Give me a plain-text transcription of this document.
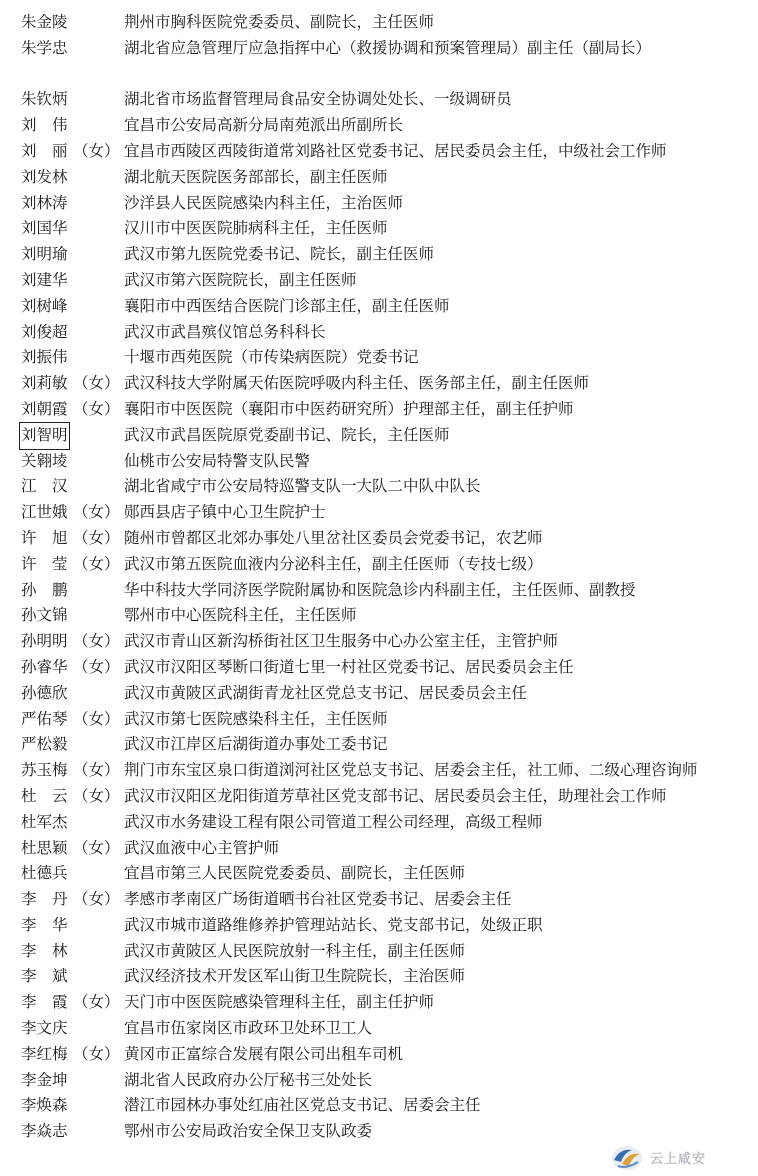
朱金陵	荆州市胸科医院党委委员、副院长，主任医师
朱学忠	湖北省应急管理厅应急指挥中心（救援协调和预案管理局）副主任（副局长）
朱钦炳	湖北省市场监督管理局食品安全协调处处长、一级调研员
刘　伟	宜昌市公安局高新分局南苑派出所副所长
刘　丽 （女） 宜昌市西陵区西陵街道常刘路社区党委书记、居民委员会主任，中级社会工作师
刘发林	湖北航天医院医务部部长，副主任医师
刘林涛	沙洋县人民医院感染内科主任，主治医师
刘国华	汉川市中医医院肺病科主任，主任医师
刘明瑜	武汉市第九医院党委书记、院长，副主任医师
刘建华	武汉市第六医院院长，副主任医师
刘树峰	襄阳市中西医结合医院门诊部主任，副主任医师
刘俊超	武汉市武昌殡仪馆总务科科长
刘振伟	十堰市西苑医院（市传染病医院）党委书记
刘莉敏 （女） 武汉科技大学附属天佑医院呼吸内科主任、医务部主任，副主任医师
刘朝霞 （女） 襄阳市中医医院（襄阳市中医药研究所）护理部主任，副主任护师
刘智明	武汉市武昌医院原党委副书记、院长，主任医师
关翱堎	仙桃市公安局特警支队民警
江　汉	湖北省咸宁市公安局特巡警支队一大队二中队中队长
江世娥 （女） 郧西县店子镇中心卫生院护士
许　旭 （女） 随州市曾都区北郊办事处八里岔社区委员会党委书记，农艺师
许　莹 （女） 武汉市第五医院血液内分泌科主任，副主任医师（专技七级）
孙　鹏	华中科技大学同济医学院附属协和医院急诊内科副主任，主任医师、副教授
孙文锦	鄂州市中心医院科主任，主任医师
孙明明 （女） 武汉市青山区新沟桥街社区卫生服务中心办公室主任，主管护师
孙睿华 （女） 武汉市汉阳区琴断口街道七里一村社区党委书记、居民委员会主任
孙德欣	武汉市黄陂区武湖街青龙社区党总支书记、居民委员会主任
严佑琴 （女） 武汉市第七医院感染科主任，主任医师
严松毅	武汉市江岸区后湖街道办事处工委书记
苏玉梅 （女） 荆门市东宝区泉口街道浏河社区党总支书记、居委会主任，社工师、二级心理咨询师
杜　云 （女） 武汉市汉阳区龙阳街道芳草社区党支部书记、居民委员会主任，助理社会工作师
杜军杰	武汉市水务建设工程有限公司管道工程公司经理，高级工程师
杜思颖 （女） 武汉血液中心主管护师
杜德兵	宜昌市第三人民医院党委委员、副院长，主任医师
李　丹 （女） 孝感市孝南区广场街道晒书台社区党委书记、居委会主任
李　华	武汉市城市道路维修养护管理站站长、党支部书记，处级正职
李　林	武汉市黄陂区人民医院放射一科主任，副主任医师
李　斌	武汉经济技术开发区军山街卫生院院长，主治医师
李　霞 （女） 天门市中医医院感染管理科主任，副主任护师
李文庆	宜昌市伍家岗区市政环卫处环卫工人
李红梅 （女） 黄冈市正富综合发展有限公司出租车司机
李金坤	湖北省人民政府办公厅秘书三处处长
李焕森	潜江市园林办事处红庙社区党总支书记、居委会主任
李焱志	鄂州市公安局政治安全保卫支队政委
云上咸安
